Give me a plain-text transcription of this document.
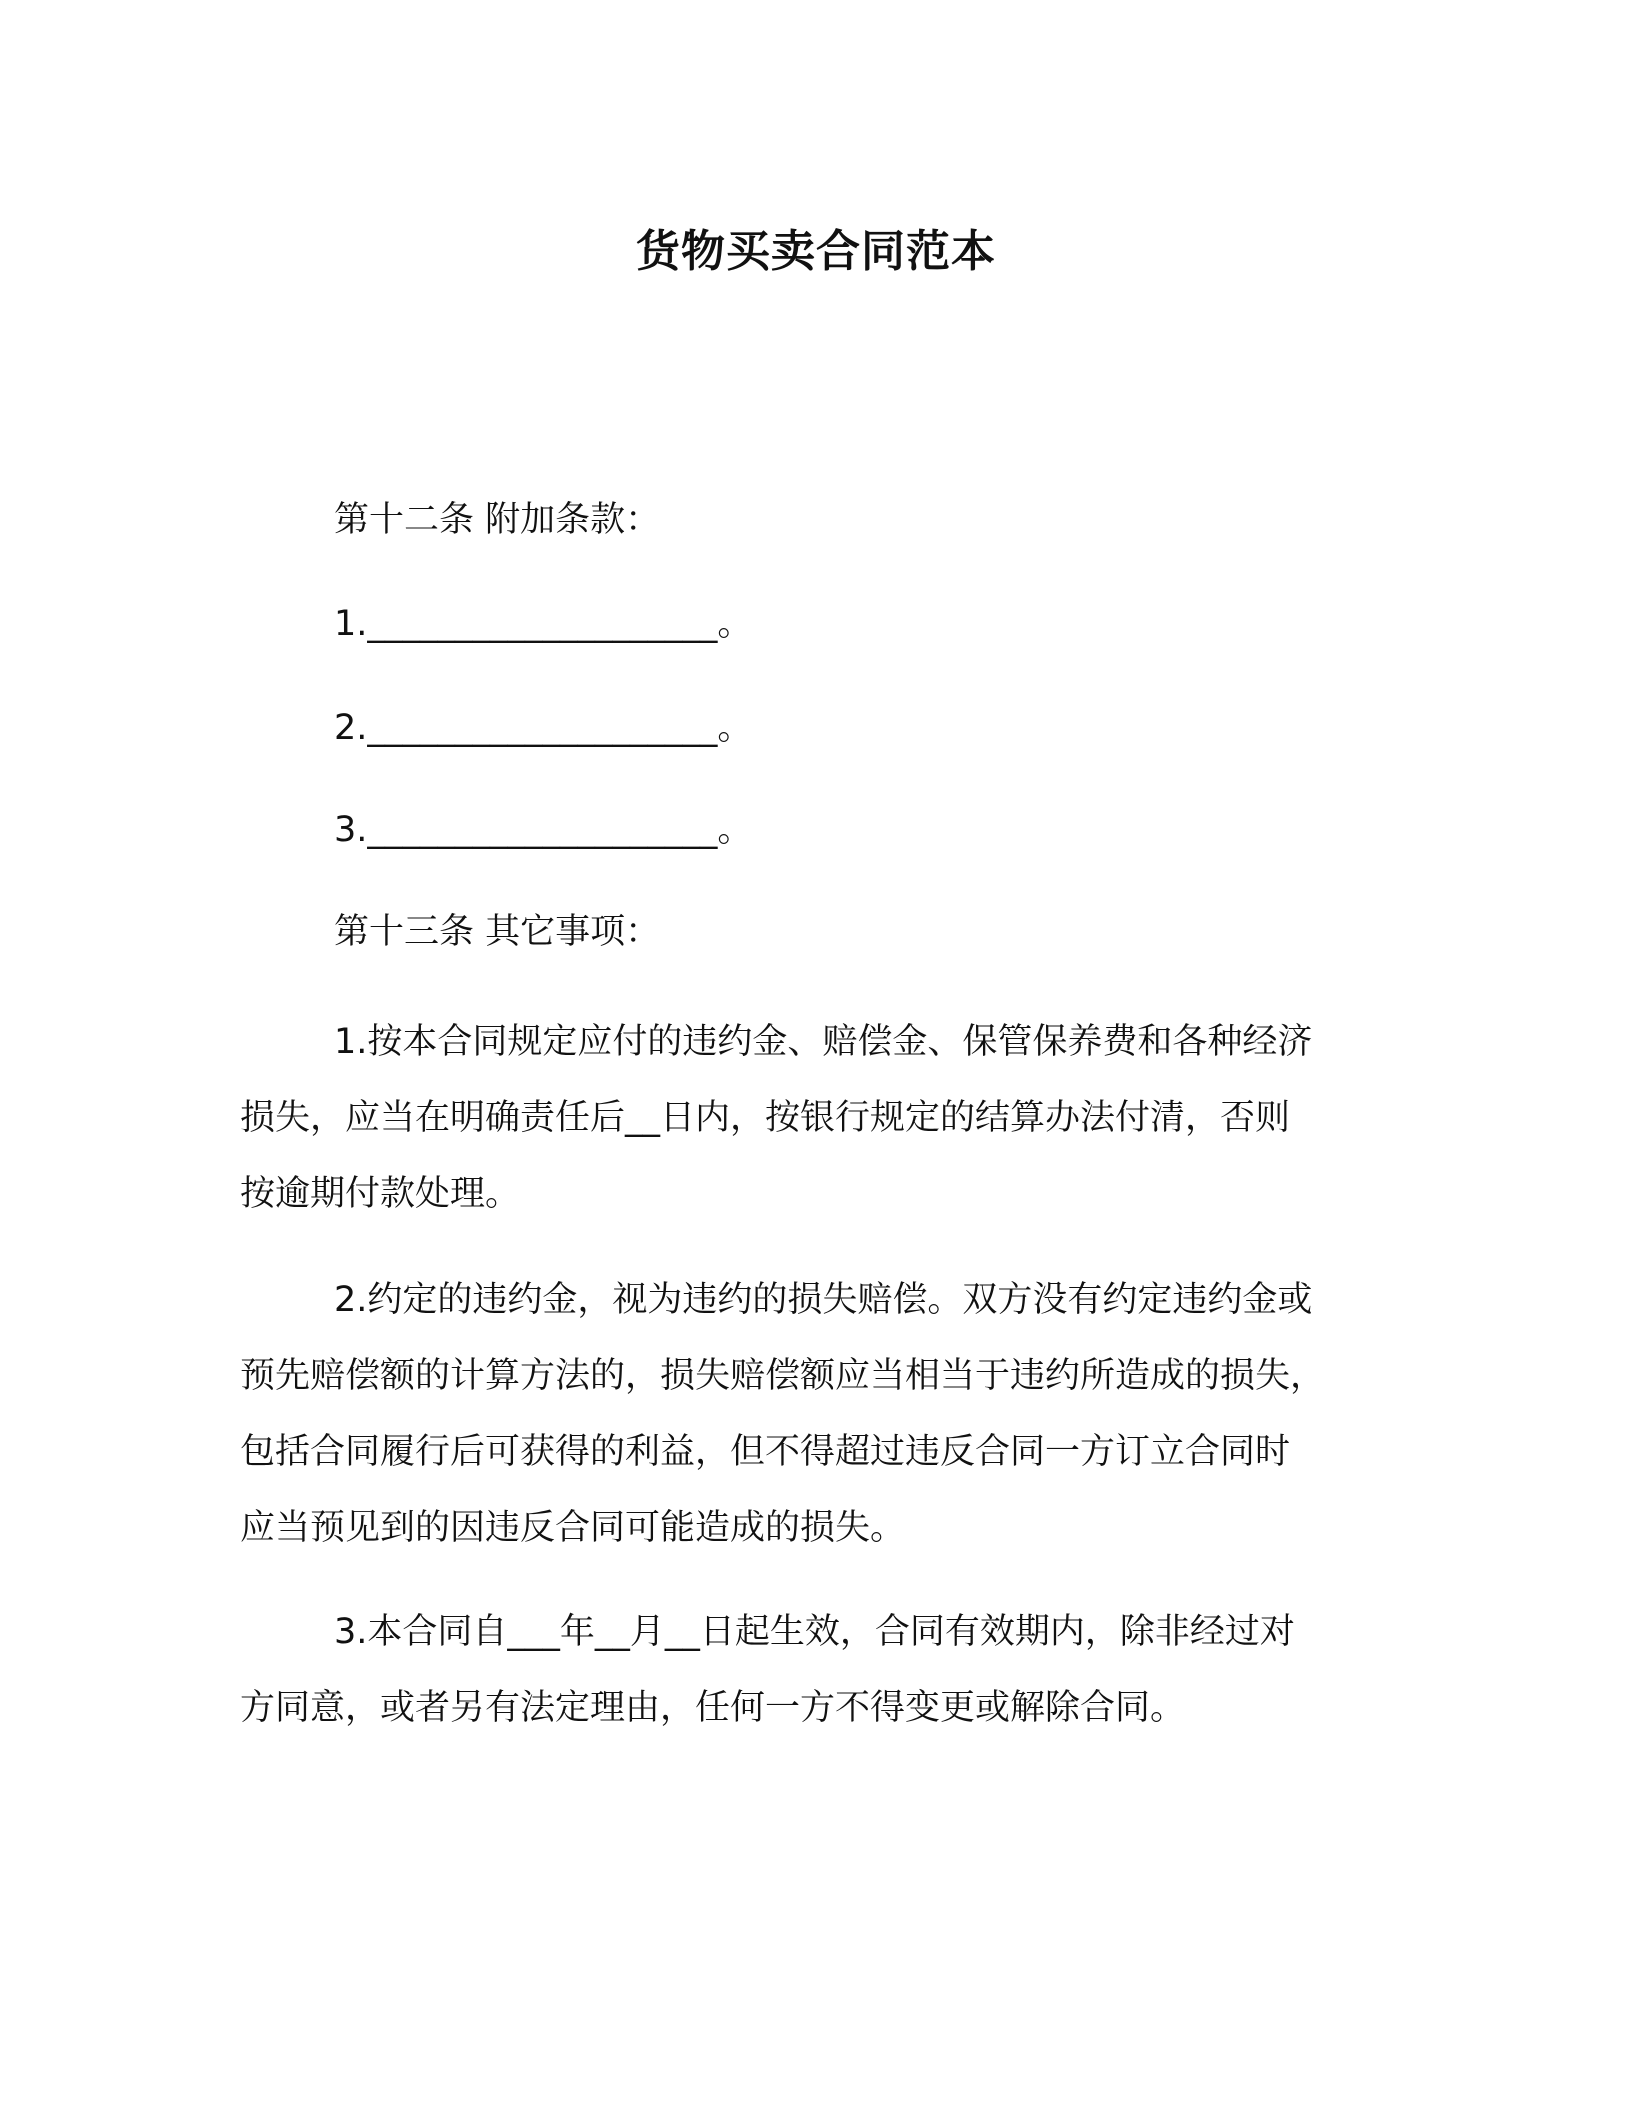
货物买卖合同范本
第十二条 附加条款：
1.____________________。
2.____________________。
3.____________________。
第十三条 其它事项：
1.按本合同规定应付的违约金、赔偿金、保管保养费和各种经济
损失，应当在明确责任后__日内，按银行规定的结算办法付清，否则
按逾期付款处理。
2.约定的违约金，视为违约的损失赔偿。双方没有约定违约金或
预先赔偿额的计算方法的，损失赔偿额应当相当于违约所造成的损失，
包括合同履行后可获得的利益，但不得超过违反合同一方订立合同时
应当预见到的因违反合同可能造成的损失。
3.本合同自___年__月__日起生效，合同有效期内，除非经过对
方同意，或者另有法定理由，任何一方不得变更或解除合同。
